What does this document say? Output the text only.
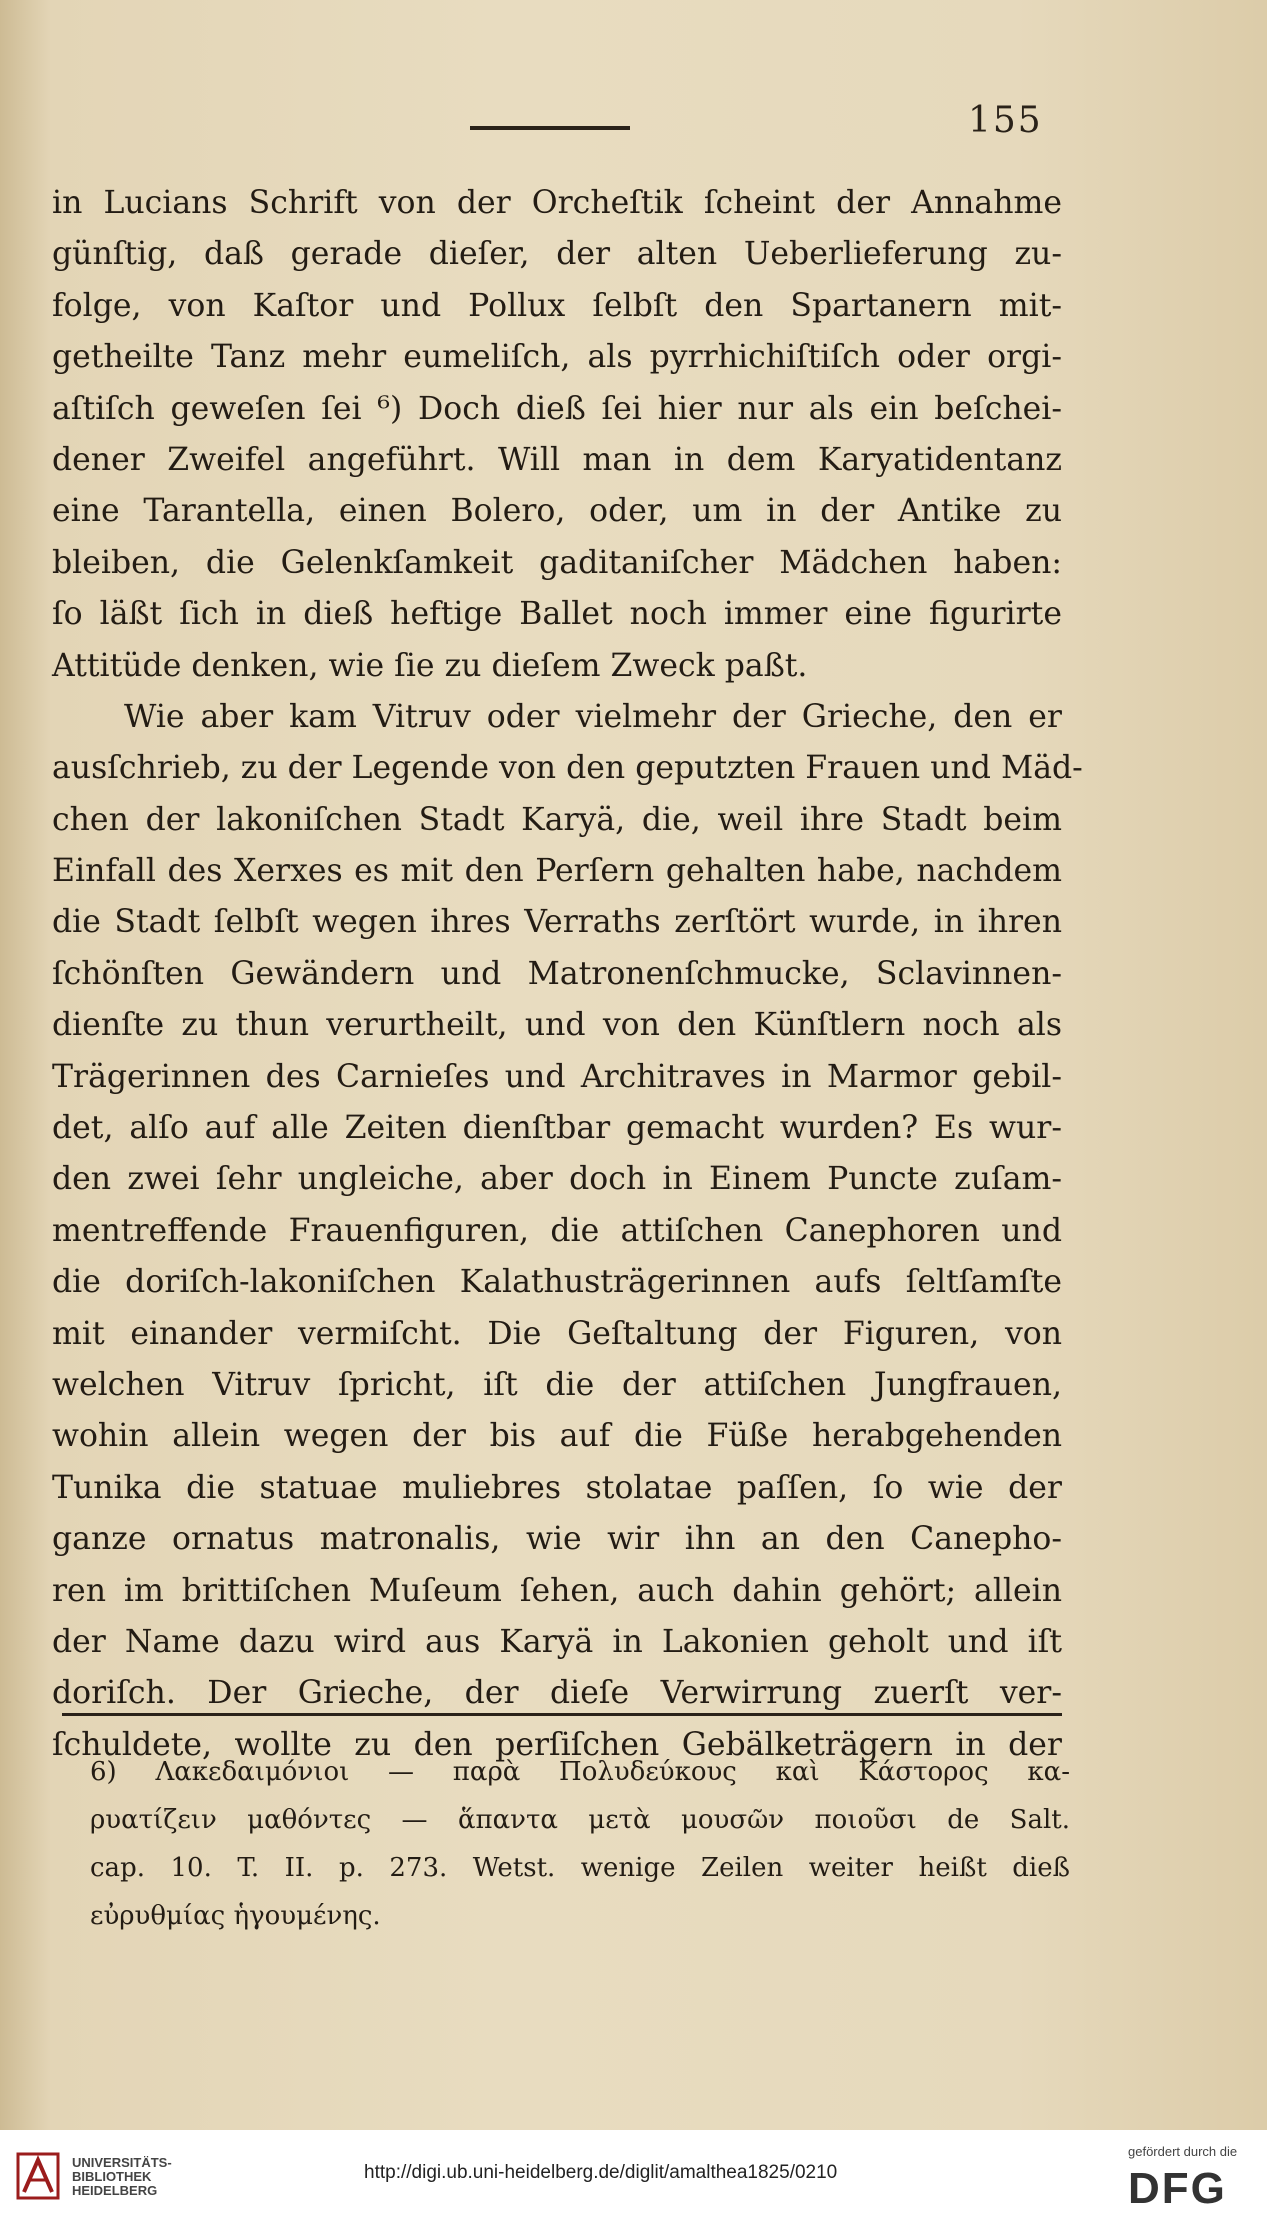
155
in Lucians Schrift von der Orcheſtik ſcheint der Annahme
günſtig, daß gerade dieſer, der alten Ueberlieferung zu-
folge, von Kaſtor und Pollux ſelbſt den Spartanern mit-
getheilte Tanz mehr eumeliſch, als pyrrhichiſtiſch oder orgi-
aſtiſch geweſen ſei ⁶) Doch dieß ſei hier nur als ein beſchei-
dener Zweifel angeführt. Will man in dem Karyatidentanz
eine Tarantella, einen Bolero, oder, um in der Antike zu
bleiben, die Gelenkſamkeit gaditaniſcher Mädchen haben:
ſo läßt ſich in dieß heftige Ballet noch immer eine figurirte
Attitüde denken, wie ſie zu dieſem Zweck paßt.
Wie aber kam Vitruv oder vielmehr der Grieche, den er
ausſchrieb, zu der Legende von den geputzten Frauen und Mäd-
chen der lakoniſchen Stadt Karyä, die, weil ihre Stadt beim
Einfall des Xerxes es mit den Perſern gehalten habe, nachdem
die Stadt ſelbſt wegen ihres Verraths zerſtört wurde, in ihren
ſchönſten Gewändern und Matronenſchmucke, Sclavinnen-
dienſte zu thun verurtheilt, und von den Künſtlern noch als
Trägerinnen des Carnieſes und Architraves in Marmor gebil-
det, alſo auf alle Zeiten dienſtbar gemacht wurden? Es wur-
den zwei ſehr ungleiche, aber doch in Einem Puncte zuſam-
mentreffende Frauenfiguren, die attiſchen Canephoren und
die doriſch-lakoniſchen Kalathusträgerinnen aufs ſeltſamſte
mit einander vermiſcht. Die Geſtaltung der Figuren, von
welchen Vitruv ſpricht, iſt die der attiſchen Jungfrauen,
wohin allein wegen der bis auf die Füße herabgehenden
Tunika die statuae muliebres stolatae paſſen, ſo wie der
ganze ornatus matronalis, wie wir ihn an den Canepho-
ren im brittiſchen Muſeum ſehen, auch dahin gehört; allein
der Name dazu wird aus Karyä in Lakonien geholt und iſt
doriſch. Der Grieche, der dieſe Verwirrung zuerſt ver-
ſchuldete, wollte zu den perſiſchen Gebälketrägern in der
6) Λακεδαιμόνιοι — παρὰ Πολυδεύκους καὶ Κάστορος κα-
ρυατίζειν μαθόντες — ἅπαντα μετὰ μουσῶν ποιοῦσι de Salt.
cap. 10. T. II. p. 273. Wetst. wenige Zeilen weiter heißt dieß
εὐρυθμίας ἡγουμένης.
UNIVERSITÄTS-
BIBLIOTHEK
HEIDELBERG
http://digi.ub.uni-heidelberg.de/diglit/amalthea1825/0210
gefördert durch die
DFG
